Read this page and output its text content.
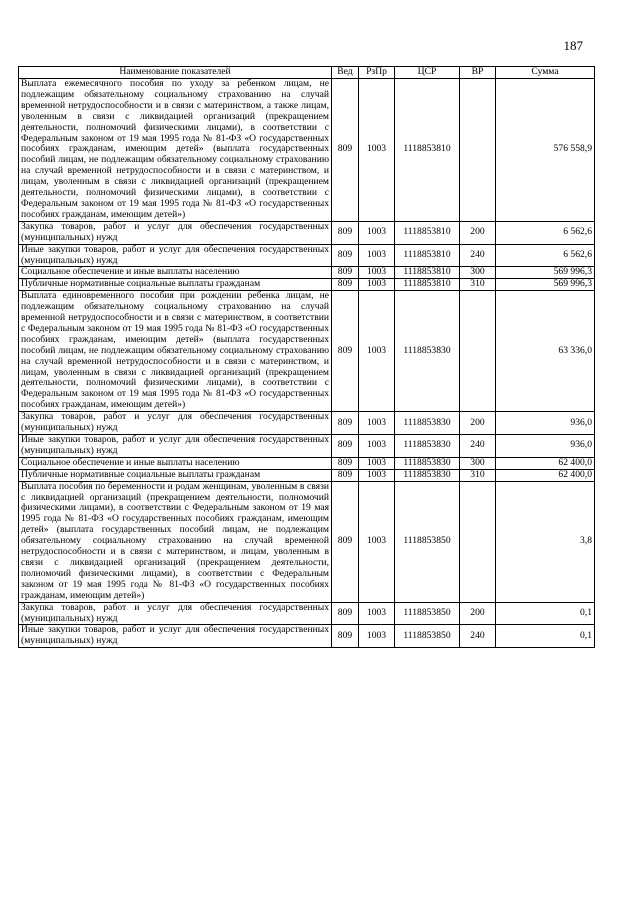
187
Наименование показателей	Вед	РзПр	ЦСР	ВР	Сумма
Выплата ежемесячного пособия по уходу за ребенком лицам, не подлежащим обязательному социальному страхованию на случай временной нетрудоспособности и в связи с материнством, а также лицам, уволенным в связи с ликвидацией организаций (прекращением деятельности, полномочий физическими лицами), в соответствии с Федеральным законом от 19 мая 1995 года № 81-ФЗ «О государственных пособиях гражданам, имеющим детей» (выплата государственных пособий лицам, не подлежащим обязательному социальному страхованию на случай временной нетрудоспособности и в связи с материнством, и лицам, уволенным в связи с ликвидацией организаций (прекращением деятельности, полномочий физическими лицами), в соответствии с Федеральным законом от 19 мая 1995 года № 81-ФЗ «О государственных пособиях гражданам, имеющим детей»)	809	1003	1118853810		576 558,9
Закупка товаров, работ и услуг для обеспечения государственных (муниципальных) нужд	809	1003	1118853810	200	6 562,6
Иные закупки товаров, работ и услуг для обеспечения государственных (муниципальных) нужд	809	1003	1118853810	240	6 562,6
Социальное обеспечение и иные выплаты населению	809	1003	1118853810	300	569 996,3
Публичные нормативные социальные выплаты гражданам	809	1003	1118853810	310	569 996,3
Выплата единовременного пособия при рождении ребенка лицам, не подлежащим обязательному социальному страхованию на случай временной нетрудоспособности и в связи с материнством, в соответствии с Федеральным законом от 19 мая 1995 года № 81-ФЗ «О государственных пособиях гражданам, имеющим детей» (выплата государственных пособий лицам, не подлежащим обязательному социальному страхованию на случай временной нетрудоспособности и в связи с материнством, и лицам, уволенным в связи с ликвидацией организаций (прекращением деятельности, полномочий физическими лицами), в соответствии с Федеральным законом от 19 мая 1995 года № 81-ФЗ «О государственных пособиях гражданам, имеющим детей»)	809	1003	1118853830		63 336,0
Закупка товаров, работ и услуг для обеспечения государственных (муниципальных) нужд	809	1003	1118853830	200	936,0
Иные закупки товаров, работ и услуг для обеспечения государственных (муниципальных) нужд	809	1003	1118853830	240	936,0
Социальное обеспечение и иные выплаты населению	809	1003	1118853830	300	62 400,0
Публичные нормативные социальные выплаты гражданам	809	1003	1118853830	310	62 400,0
Выплата пособия по беременности и родам женщинам, уволенным в связи с ликвидацией организаций (прекращением деятельности, полномочий физическими лицами), в соответствии с Федеральным законом от 19 мая 1995 года № 81-ФЗ «О государственных пособиях гражданам, имеющим детей» (выплата государственных пособий лицам, не подлежащим обязательному социальному страхованию на случай временной нетрудоспособности и в связи с материнством, и лицам, уволенным в связи с ликвидацией организаций (прекращением деятельности, полномочий физическими лицами), в соответствии с Федеральным законом от 19 мая 1995 года № 81-ФЗ «О государственных пособиях гражданам, имеющим детей»)	809	1003	1118853850		3,8
Закупка товаров, работ и услуг для обеспечения государственных (муниципальных) нужд	809	1003	1118853850	200	0,1
Иные закупки товаров, работ и услуг для обеспечения государственных (муниципальных) нужд	809	1003	1118853850	240	0,1
